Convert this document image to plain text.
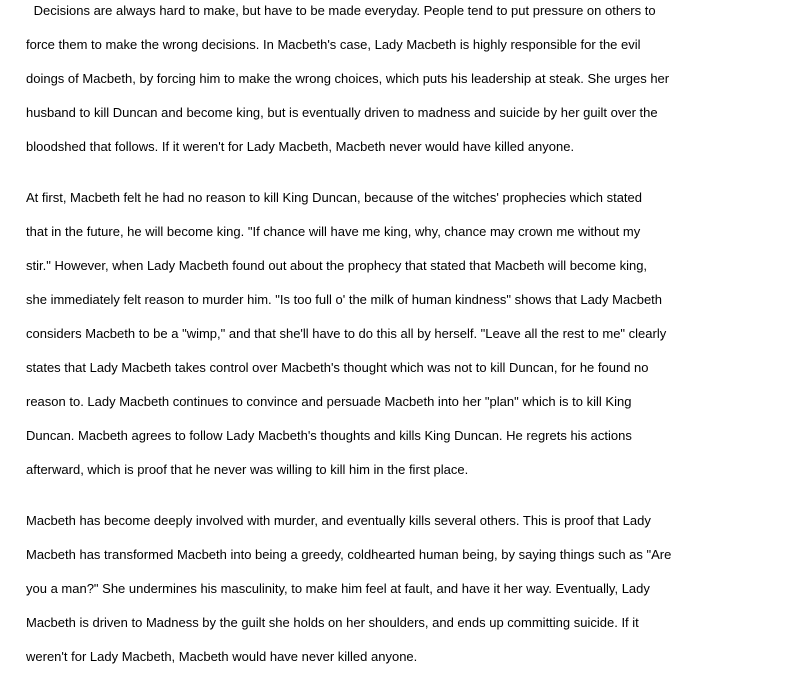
Decisions are always hard to make, but have to be made everyday. People tend to put pressure on others to
force them to make the wrong decisions. In Macbeth's case, Lady Macbeth is highly responsible for the evil
doings of Macbeth, by forcing him to make the wrong choices, which puts his leadership at steak. She urges her
husband to kill Duncan and become king, but is eventually driven to madness and suicide by her guilt over the
bloodshed that follows. If it weren't for Lady Macbeth, Macbeth never would have killed anyone.
At first, Macbeth felt he had no reason to kill King Duncan, because of the witches' prophecies which stated
that in the future, he will become king. "If chance will have me king, why, chance may crown me without my
stir." However, when Lady Macbeth found out about the prophecy that stated that Macbeth will become king,
she immediately felt reason to murder him. "Is too full o' the milk of human kindness" shows that Lady Macbeth
considers Macbeth to be a "wimp," and that she'll have to do this all by herself. "Leave all the rest to me" clearly
states that Lady Macbeth takes control over Macbeth's thought which was not to kill Duncan, for he found no
reason to. Lady Macbeth continues to convince and persuade Macbeth into her "plan" which is to kill King
Duncan. Macbeth agrees to follow Lady Macbeth's thoughts and kills King Duncan. He regrets his actions
afterward, which is proof that he never was willing to kill him in the first place.
Macbeth has become deeply involved with murder, and eventually kills several others. This is proof that Lady
Macbeth has transformed Macbeth into being a greedy, coldhearted human being, by saying things such as "Are
you a man?" She undermines his masculinity, to make him feel at fault, and have it her way. Eventually, Lady
Macbeth is driven to Madness by the guilt she holds on her shoulders, and ends up committing suicide. If it
weren't for Lady Macbeth, Macbeth would have never killed anyone.
